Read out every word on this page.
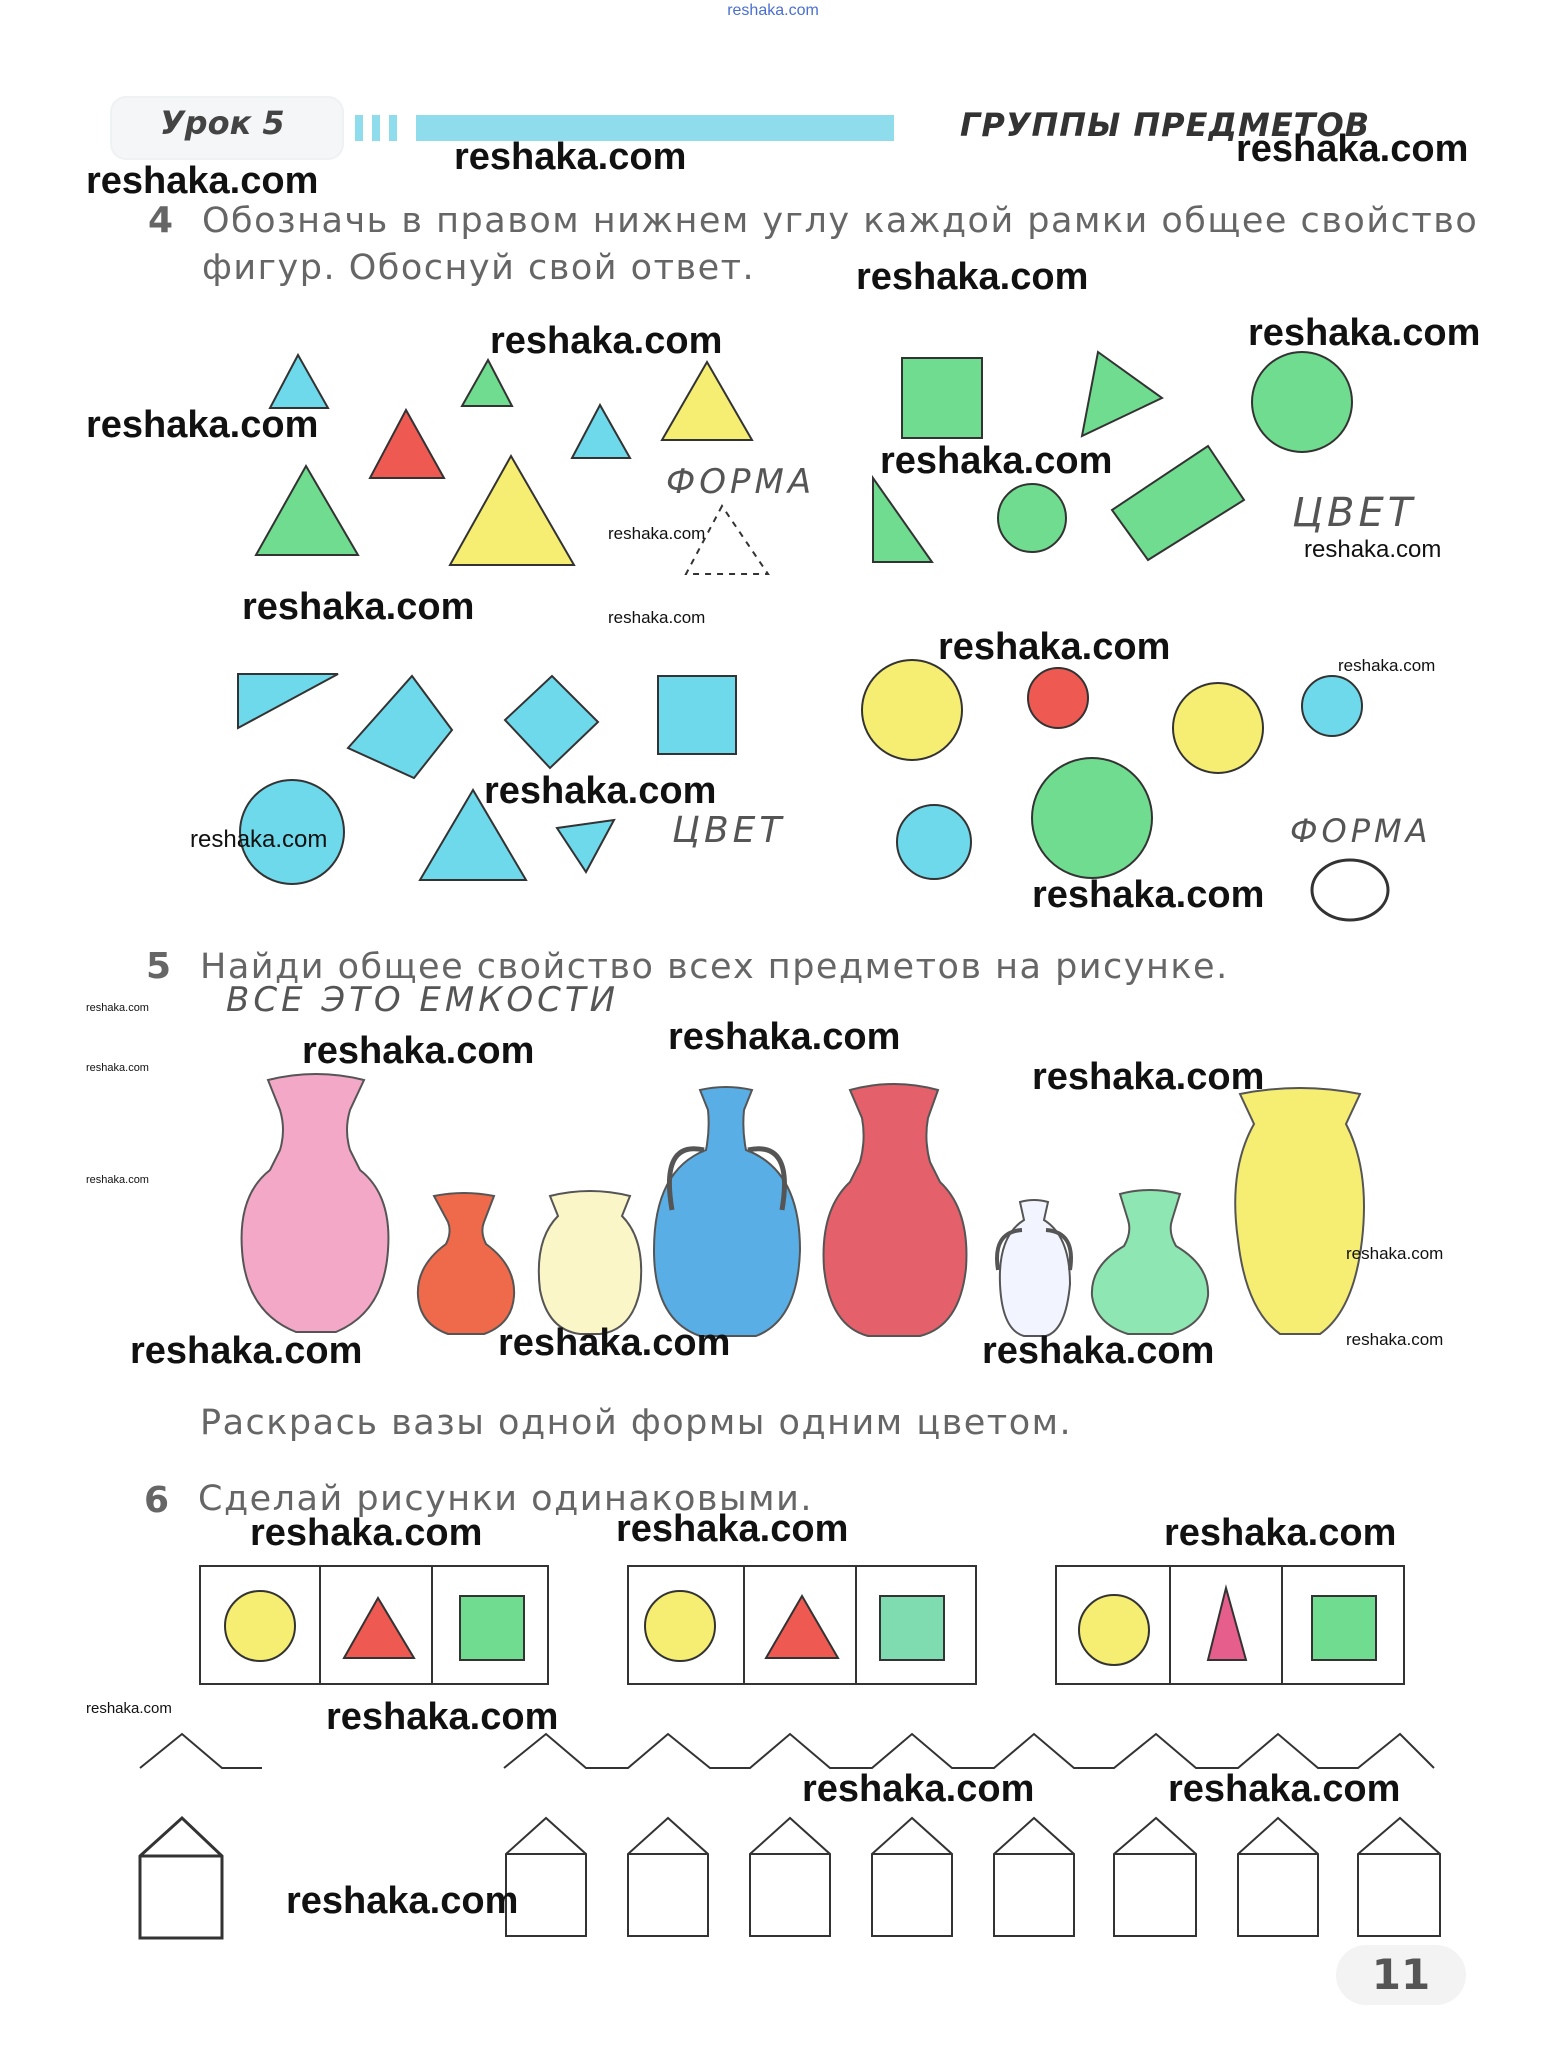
reshaka.com
Урок 5	ГРУППЫ ПРЕДМЕТОВ
4 Обозначь в правом нижнем углу каждой рамки общее свойство
фигур. Обоснуй свой ответ.
ФОРМА
ЦВЕТ
ЦВЕТ	ФОРМА
5 Найди общее свойство всех предметов на рисунке.
ВСЕ ЭТО ЕМКОСТИ
Раскрась вазы одной формы одним цветом.
6 Сделай рисунки одинаковыми.
11
reshaka.com
reshaka.com	reshaka.com
reshaka.com
reshaka.com	reshaka.com
reshaka.com
reshaka.com
reshaka.com
reshaka.com
reshaka.com	reshaka.com
reshaka.com	reshaka.com
reshaka.com
reshaka.com
reshaka.com
reshaka.com
reshaka.com
reshaka.com
reshaka.com
reshaka.com
reshaka.com
reshaka.com
reshaka.com	reshaka.com
reshaka.com	reshaka.com
reshaka.com	reshaka.com	reshaka.com
reshaka.com	reshaka.com
reshaka.com	reshaka.com
reshaka.com
